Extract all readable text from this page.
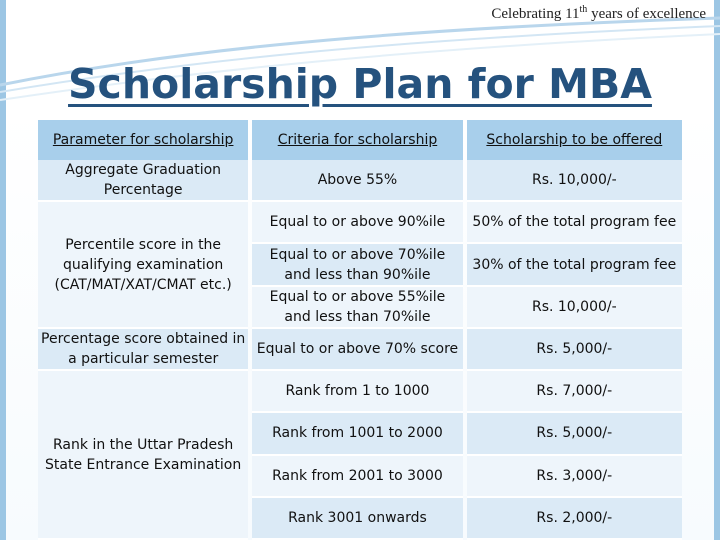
Celebrating 11th years of excellence
Scholarship Plan for MBA
Parameter for scholarship	Criteria for scholarship	Scholarship to be offered
Aggregate Graduation Percentage	Above 55%	Rs. 10,000/-
Percentile score in the qualifying examination (CAT/MAT/XAT/CMAT etc.)	Equal to or above 90%ile	50% of the total program fee
	Equal to or above 70%ile and less than 90%ile	30% of the total program fee
	Equal to or above 55%ile and less than 70%ile	Rs. 10,000/-
Percentage score obtained in a particular semester	Equal to or above 70% score	Rs. 5,000/-
Rank in the Uttar Pradesh State Entrance Examination	Rank from 1 to 1000	Rs. 7,000/-
	Rank from 1001 to 2000	Rs. 5,000/-
	Rank from 2001 to 3000	Rs. 3,000/-
	Rank 3001 onwards	Rs. 2,000/-
